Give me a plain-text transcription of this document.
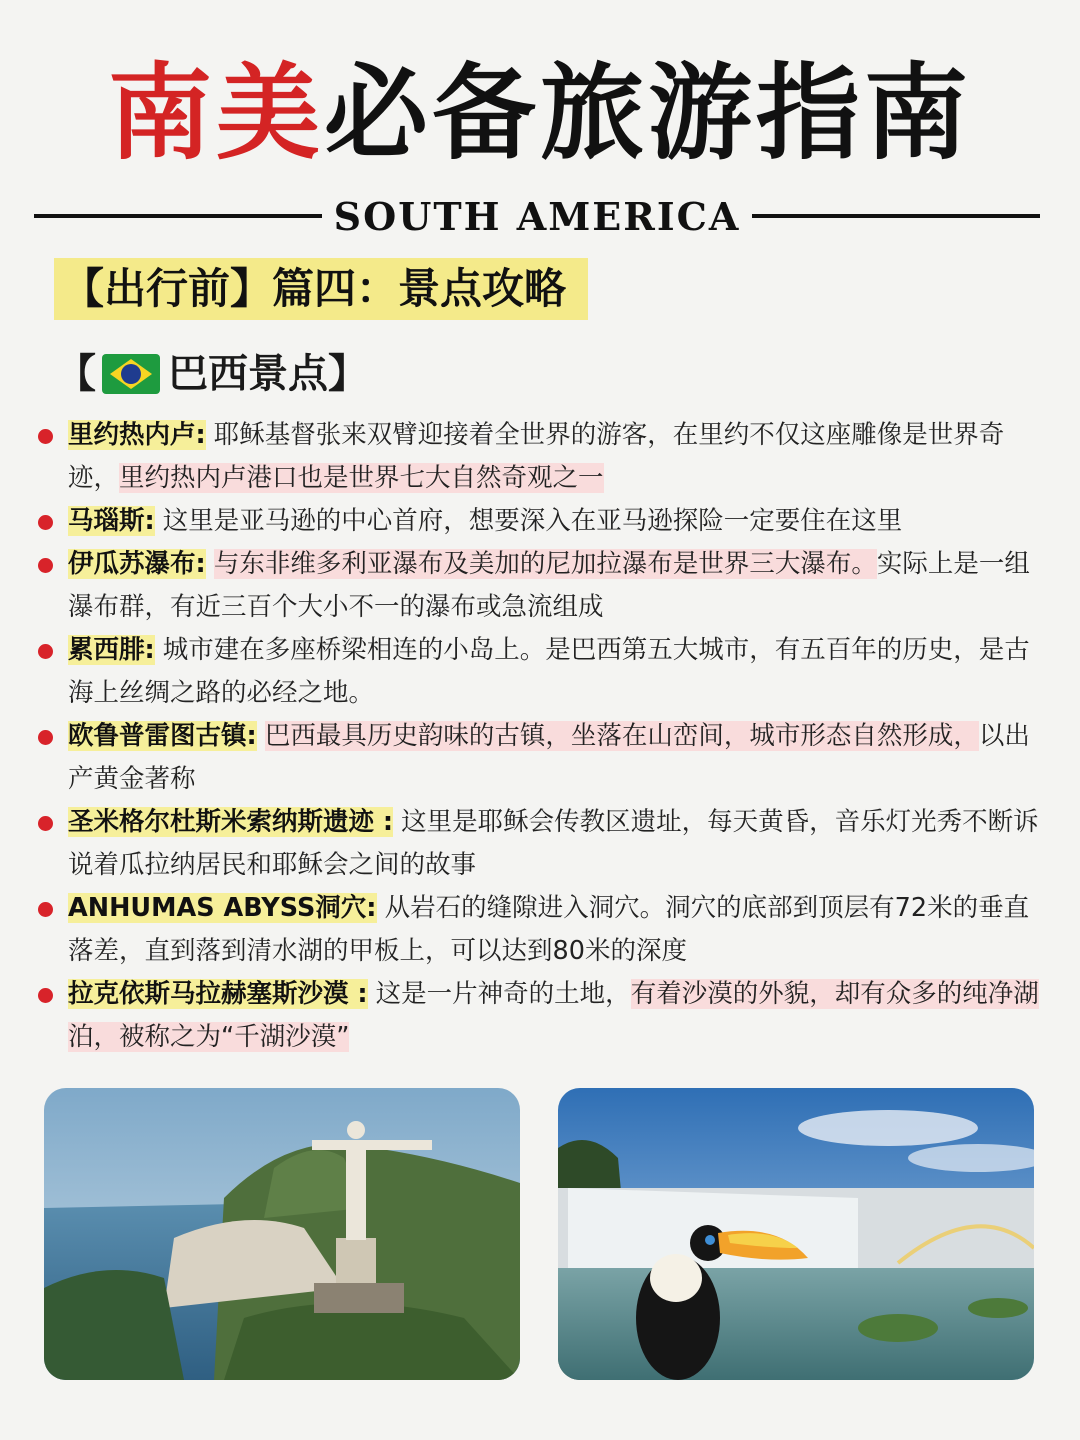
南美必备旅游指南
SOUTH AMERICA
【出行前】篇四：景点攻略
【 巴西景点 】
里约热内卢: 耶稣基督张来双臂迎接着全世界的游客，在里约不仅这座雕像是世界奇迹，里约热内卢港口也是世界七大自然奇观之一
马瑙斯: 这里是亚马逊的中心首府，想要深入在亚马逊探险一定要住在这里
伊瓜苏瀑布: 与东非维多利亚瀑布及美加的尼加拉瀑布是世界三大瀑布。实际上是一组瀑布群，有近三百个大小不一的瀑布或急流组成
累西腓: 城市建在多座桥梁相连的小岛上。是巴西第五大城市，有五百年的历史，是古海上丝绸之路的必经之地。
欧鲁普雷图古镇: 巴西最具历史韵味的古镇，坐落在山峦间，城市形态自然形成，以出产黄金著称
圣米格尔杜斯米索纳斯遗迹 : 这里是耶稣会传教区遗址，每天黄昏，音乐灯光秀不断诉说着瓜拉纳居民和耶稣会之间的故事
ANHUMAS ABYSS洞穴: 从岩石的缝隙进入洞穴。洞穴的底部到顶层有72米的垂直落差，直到落到清水湖的甲板上，可以达到80米的深度
拉克依斯马拉赫塞斯沙漠 : 这是一片神奇的土地，有着沙漠的外貌，却有众多的纯净湖泊，被称之为“千湖沙漠”
